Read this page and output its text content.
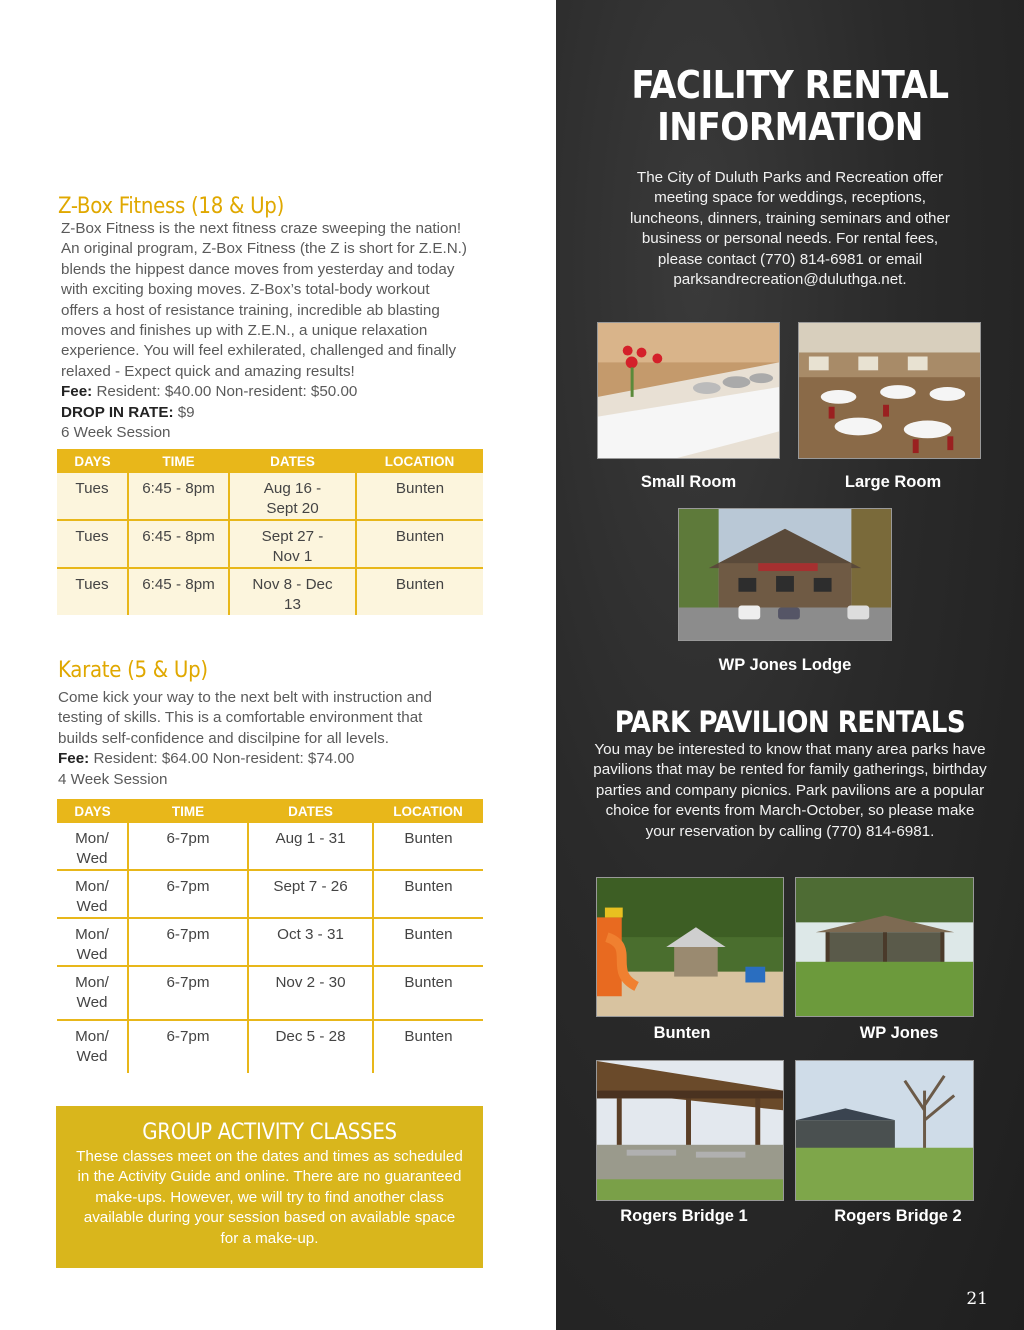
Z-Box Fitness (18 & Up)

Z-Box Fitness is the next fitness craze sweeping the nation!

An original program, Z-Box Fitness (the Z is short for Z.E.N.)

blends the hippest dance moves from yesterday and today

with exciting boxing moves. Z-Box’s total-body workout

offers a host of resistance training, incredible ab blasting

moves and finishes up with Z.E.N., a unique relaxation

experience. You will feel exhilerated, challenged and finally

relaxed - Expect quick and amazing results!

Fee: Resident: $40.00 Non-resident: $50.00

DROP IN RATE: $9

6 Week Session

DAYS	TIME	DATES	LOCATION
Tues	6:45 - 8pm	Aug 16 - Sept 20	Bunten
Tues	6:45 - 8pm	Sept 27 - Nov 1	Bunten
Tues	6:45 - 8pm	Nov 8 - Dec 13	Bunten
Karate (5 & Up)

Come kick your way to the next belt with instruction and

testing of skills. This is a comfortable environment that

builds self-confidence and discilpine for all levels.

Fee: Resident: $64.00 Non-resident: $74.00

4 Week Session

DAYS	TIME	DATES	LOCATION
Mon/ Wed	6-7pm	Aug 1 - 31	Bunten
Mon/ Wed	6-7pm	Sept 7 - 26	Bunten
Mon/ Wed	6-7pm	Oct 3 - 31	Bunten
Mon/ Wed	6-7pm	Nov 2 - 30	Bunten
Mon/ Wed	6-7pm	Dec 5 - 28	Bunten
GROUP ACTIVITY CLASSES
These classes meet on the dates and times as scheduled in the Activity Guide and online. There are no guaranteed make-ups. However, we will try to find another class available during your session based on available space for a make-up.
FACILITY RENTAL
INFORMATION
The City of Duluth Parks and Recreation offer meeting space for weddings, receptions, luncheons, dinners, training seminars and other business or personal needs. For rental fees, please contact (770) 814-6981 or email parksandrecreation@duluthga.net.
Small Room	Large Room
WP Jones Lodge
PARK PAVILION RENTALS
You may be interested to know that many area parks have pavilions that may be rented for family gatherings, birthday parties and company picnics. Park pavilions are a popular choice for events from March-October, so please make your reservation by calling (770) 814-6981.
Bunten	WP Jones
Rogers Bridge 1	Rogers Bridge 2
21
